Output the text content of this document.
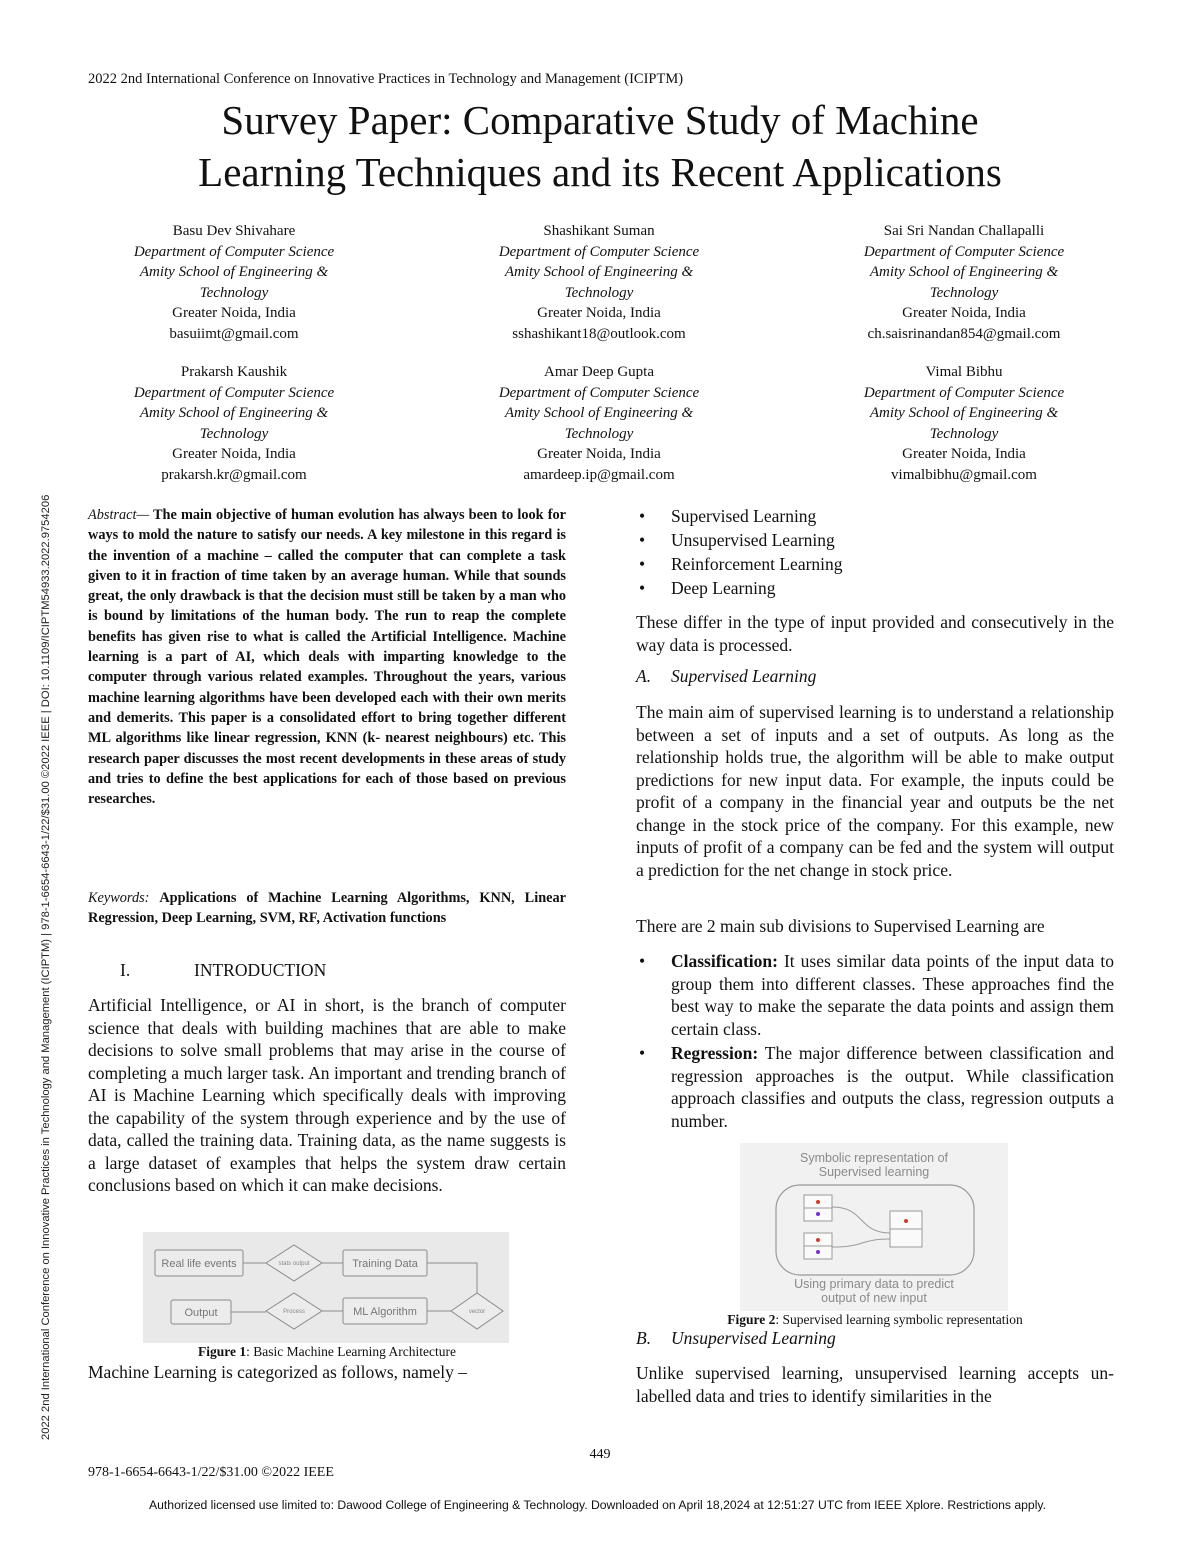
2022 2nd International Conference on Innovative Practices in Technology and Management (ICIPTM) | 978-1-6654-6643-1/22/$31.00 ©2022 IEEE | DOI: 10.1109/ICIPTM54933.2022.9754206
2022 2nd International Conference on Innovative Practices in Technology and Management (ICIPTM)
Survey Paper: Comparative Study of Machine
Learning Techniques and its Recent Applications
Basu Dev Shivahare
Department of Computer Science
Amity School of Engineering &
Technology
Greater Noida, India
basuiimt@gmail.com
Shashikant Suman
Department of Computer Science
Amity School of Engineering &
Technology
Greater Noida, India
sshashikant18@outlook.com
Sai Sri Nandan Challapalli
Department of Computer Science
Amity School of Engineering &
Technology
Greater Noida, India
ch.saisrinandan854@gmail.com
Prakarsh Kaushik
Department of Computer Science
Amity School of Engineering &
Technology
Greater Noida, India
prakarsh.kr@gmail.com
Amar Deep Gupta
Department of Computer Science
Amity School of Engineering &
Technology
Greater Noida, India
amardeep.ip@gmail.com
Vimal Bibhu
Department of Computer Science
Amity School of Engineering &
Technology
Greater Noida, India
vimalbibhu@gmail.com
Abstract— The main objective of human evolution has always been to look for ways to mold the nature to satisfy our needs. A key milestone in this regard is the invention of a machine – called the computer that can complete a task given to it in fraction of time taken by an average human. While that sounds great, the only drawback is that the decision must still be taken by a man who is bound by limitations of the human body. The run to reap the complete benefits has given rise to what is called the Artificial Intelligence. Machine learning is a part of AI, which deals with imparting knowledge to the computer through various related examples. Throughout the years, various machine learning algorithms have been developed each with their own merits and demerits. This paper is a consolidated effort to bring together different ML algorithms like linear regression, KNN (k- nearest neighbours) etc. This research paper discusses the most recent developments in these areas of study and tries to define the best applications for each of those based on previous researches.
Keywords: Applications of Machine Learning Algorithms, KNN, Linear Regression, Deep Learning, SVM, RF, Activation functions
I.	INTRODUCTION

Artificial Intelligence, or AI in short, is the branch of computer science that deals with building machines that are able to make decisions to solve small problems that may arise in the course of completing a much larger task. An important and trending branch of AI is Machine Learning which specifically deals with improving the capability of the system through experience and by the use of data, called the training data. Training data, as the name suggests is a large dataset of examples that helps the system draw certain conclusions based on which it can make decisions.

Real life events	Training Data
Output	ML Algorithm
stats output
Process	vector
Figure 1: Basic Machine Learning Architecture
Machine Learning is categorized as follows, namely –
• Supervised Learning
• Unsupervised Learning
• Reinforcement Learning
• Deep Learning

These differ in the type of input provided and consecutively in the way data is processed.

A. Supervised Learning

The main aim of supervised learning is to understand a relationship between a set of inputs and a set of outputs. As long as the relationship holds true, the algorithm will be able to make output predictions for new input data. For example, the inputs could be profit of a company in the financial year and outputs be the net change in the stock price of the company. For this example, new inputs of profit of a company can be fed and the system will output a prediction for the net change in stock price.

There are 2 main sub divisions to Supervised Learning are

• Classification: It uses similar data points of the input data to group them into different classes. These approaches find the best way to make the separate the data points and assign them certain class.
• Regression: The major difference between classification and regression approaches is the output. While classification approach classifies and outputs the class, regression outputs a number.
Symbolic representation of
Supervised learning
Using primary data to predict
output of new input
Figure 2: Supervised learning symbolic representation
B. Unsupervised Learning

Unlike supervised learning, unsupervised learning accepts un-labelled data and tries to identify similarities in the

449
978-1-6654-6643-1/22/$31.00 ©2022 IEEE
Authorized licensed use limited to: Dawood College of Engineering & Technology. Downloaded on April 18,2024 at 12:51:27 UTC from IEEE Xplore. Restrictions apply.
